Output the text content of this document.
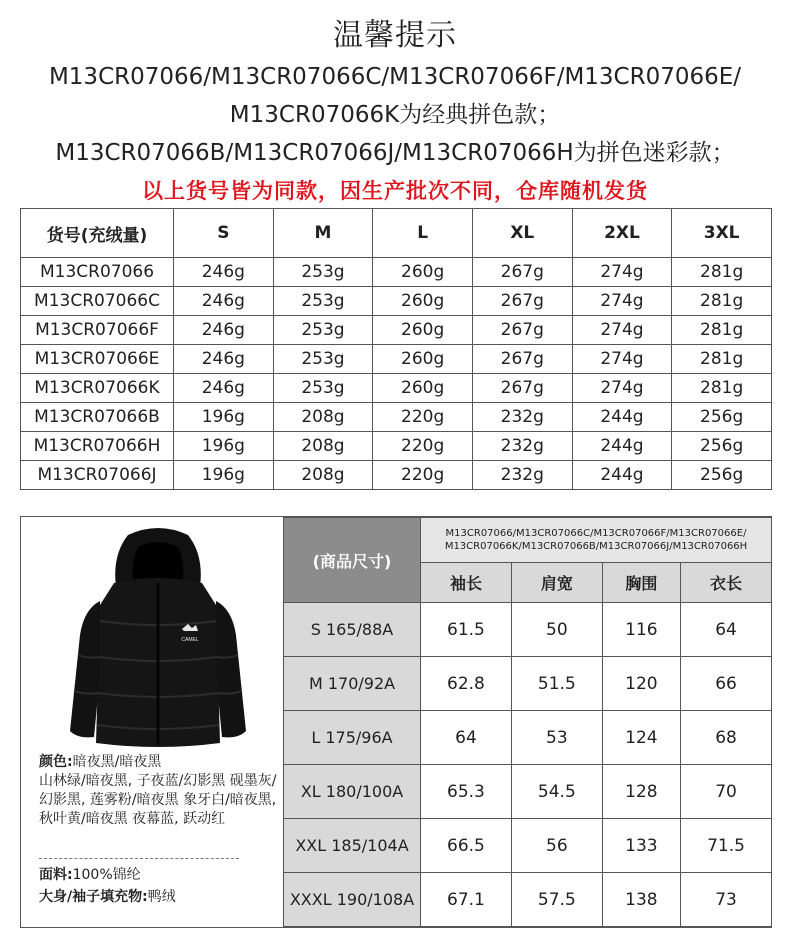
温馨提示
M13CR07066/M13CR07066C/M13CR07066F/M13CR07066E/
M13CR07066K为经典拼色款；
M13CR07066B/M13CR07066J/M13CR07066H为拼色迷彩款；
以上货号皆为同款，因生产批次不同，仓库随机发货
货号(充绒量)	S	M	L	XL	2XL	3XL
M13CR07066	246g	253g	260g	267g	274g	281g
M13CR07066C	246g	253g	260g	267g	274g	281g
M13CR07066F	246g	253g	260g	267g	274g	281g
M13CR07066E	246g	253g	260g	267g	274g	281g
M13CR07066K	246g	253g	260g	267g	274g	281g
M13CR07066B	196g	208g	220g	232g	244g	256g
M13CR07066H	196g	208g	220g	232g	244g	256g
M13CR07066J	196g	208g	220g	232g	244g	256g
CAMEL
颜色:暗夜黑/暗夜黑
山林绿/暗夜黑, 子夜蓝/幻影黑 砚墨灰/幻影黑, 莲雾粉/暗夜黑 象牙白/暗夜黑, 秋叶黄/暗夜黑 夜幕蓝, 跃动红
面料:100%锦纶
大身/袖子填充物:鸭绒
(商品尺寸)	M13CR07066/M13CR07066C/M13CR07066F/M13CR07066E/
M13CR07066K/M13CR07066B/M13CR07066J/M13CR07066H			

	袖长	肩宽	胸围	衣长
S 165/88A	61.5	50	116	64
M 170/92A	62.8	51.5	120	66
L 175/96A	64	53	124	68
XL 180/100A	65.3	54.5	128	70
XXL 185/104A	66.5	56	133	71.5
XXXL 190/108A	67.1	57.5	138	73
